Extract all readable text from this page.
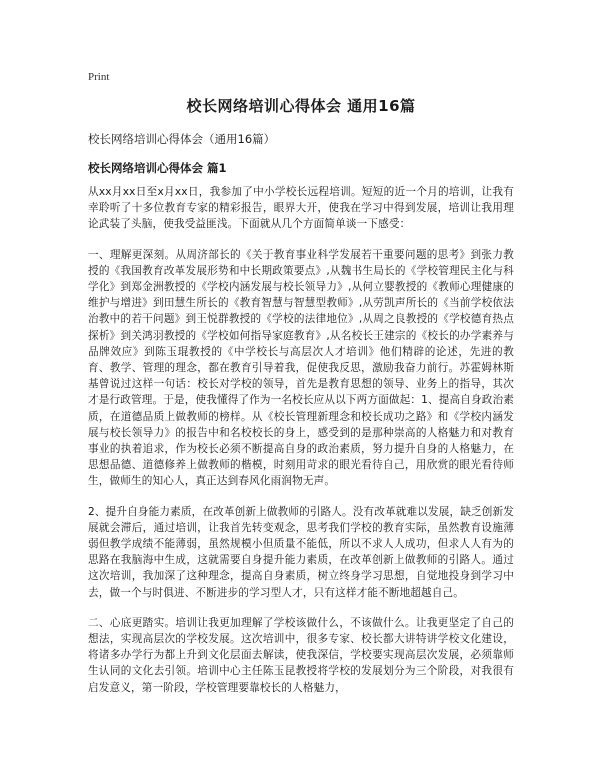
Print
校长网络培训心得体会 通用16篇
校长网络培训心得体会（通用16篇）
校长网络培训心得体会 篇1

从xx月xx日至x月xx日，我参加了中小学校长远程培训。短短的近一个月的培训，让我有幸聆听了十多位教育专家的精彩报告，眼界大开，使我在学习中得到发展，培训让我用理论武装了头脑，使我受益匪浅。下面就从几个方面简单谈一下感受：

一、理解更深刻。从周济部长的《关于教育事业科学发展若干重要问题的思考》到张力教授的《我国教育改革发展形势和中长期政策要点》,从魏书生局长的《学校管理民主化与科学化》到郑金洲教授的《学校内涵发展与校长领导力》,从何立婴教授的《教师心理健康的维护与增进》到田慧生所长的《教育智慧与智慧型教师》,从劳凯声所长的《当前学校依法治教中的若干问题》到王悦群教授的《学校的法律地位》,从周之良教授的《学校德育热点探析》到关鸿羽教授的《学校如何指导家庭教育》,从名校长王建宗的《校长的办学素养与品牌效应》到陈玉琨教授的《中学校长与高层次人才培训》他们精辟的论述，先进的教育、教学、管理的理念，都在教育引导着我，促使我反思，激励我奋力前行。苏霍姆林斯基曾说过这样一句话：校长对学校的领导，首先是教育思想的领导、业务上的指导，其次才是行政管理。于是，使我懂得了作为一名校长应从以下两方面做起：1、提高自身政治素质，在道德品质上做教师的榜样。从《校长管理新理念和校长成功之路》和《学校内涵发展与校长领导力》的报告中和名校校长的身上，感受到的是那种崇高的人格魅力和对教育事业的执着追求，作为校长必须不断提高自身的政治素质，努力提升自身的人格魅力，在思想品德、道德修养上做教师的楷模，时刻用苛求的眼光看待自己，用欣赏的眼光看待师生，做师生的知心人，真正达到春风化雨润物无声。

2、提升自身能力素质，在改革创新上做教师的引路人。没有改革就难以发展，缺乏创新发展就会滞后，通过培训，让我首先转变观念，思考我们学校的教育实际，虽然教育设施薄弱但教学成绩不能薄弱，虽然规模小但质量不能低，所以不求人人成功，但求人人有为的思路在我脑海中生成，这就需要自身提升能力素质，在改革创新上做教师的引路人。通过这次培训，我加深了这种理念，提高自身素质，树立终身学习思想，自觉地投身到学习中去，做一个与时俱进、不断进步的学习型人才，只有这样才能不断地超越自己。

二、心底更踏实。培训让我更加理解了学校该做什么，不该做什么。让我更坚定了自己的想法，实现高层次的学校发展。这次培训中，很多专家、校长都大讲特讲学校文化建设，将诸多办学行为都上升到文化层面去解读，使我深信，学校要实现高层次发展，必须靠师生认同的文化去引领。培训中心主任陈玉昆教授将学校的发展划分为三个阶段，对我很有启发意义，第一阶段，学校管理要靠校长的人格魅力，
